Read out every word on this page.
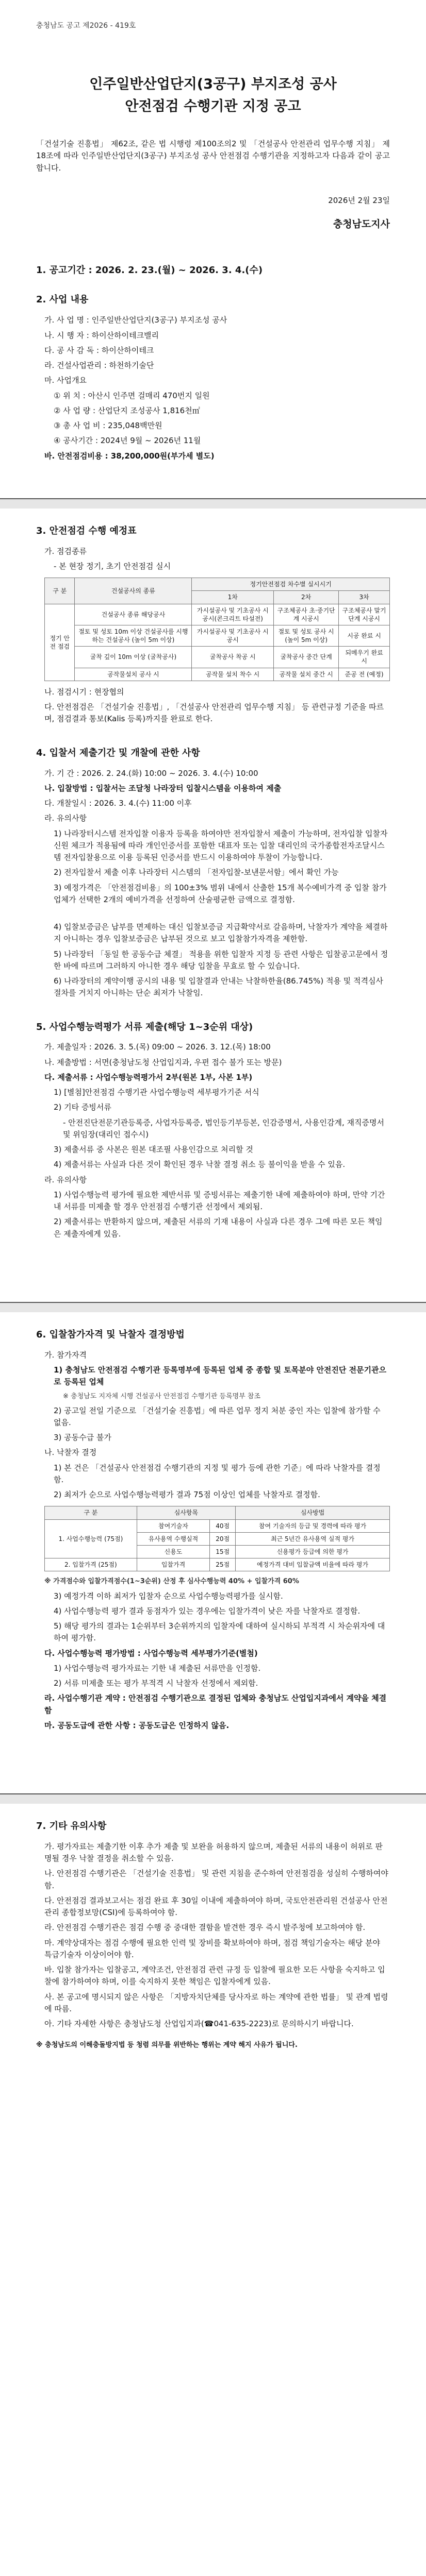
충청남도 공고 제2026 - 419호
인주일반산업단지(3공구) 부지조성 공사
안전점검 수행기관 지정 공고
「건설기술 진흥법」 제62조, 같은 법 시행령 제100조의2 및 「건설공사 안전관리 업무수행 지침」 제18조에 따라 인주일반산업단지(3공구) 부지조성 공사 안전점검 수행기관을 지정하고자 다음과 같이 공고합니다.
2026년 2월 23일
충청남도지사
1. 공고기간 : 2026. 2. 23.(월) ~ 2026. 3. 4.(수)
2. 사업 내용
가. 사 업 명 : 인주일반산업단지(3공구) 부지조성 공사
나. 시 행 자 : 하이산하이테크밸리
다. 공 사 감 독 : 하이산하이테크
라. 건설사업관리 : 하천하기술단
마. 사업개요
① 위 치 : 아산시 인주면 걸매리 470번지 일원
② 사 업 량 : 산업단지 조성공사 1,816천㎡
③ 총 사 업 비 : 235,048백만원
④ 공사기간 : 2024년 9월 ~ 2026년 11월
바. 안전점검비용 : 38,200,000원(부가세 별도)
3. 안전점검 수행 예정표
가. 점검종류
- 본 현장 정기, 초기 안전점검 실시
구 분	건설공사의 종류	정기안전점검 차수별 실시시기		
		1차	2차	3차
정기 안전 점검	건설공사 종류 해당공사	가시설공사 및 기초공사 시공시(콘크리트 타설전)	구조체공사 초·중기단계 시공시	구조체공사 말기단계 시공시
	절토 및 성토 10m 이상 건설공사를 시행하는 건설공사 (높이 5m 이상)	가시설공사 및 기초공사 시공시	절토 및 성토 공사 시 (높이 5m 이상)	시공 완료 시
	굴착 깊이 10m 이상 (굴착공사)	굴착공사 착공 시	굴착공사 중간 단계	되메우기 완료 시
	공작물설치 공사 시	공작물 설치 착수 시	공작물 설치 중간 시	준공 전 (예정)
나. 점검시기 : 현장협의
다. 안전점검은 「건설기술 진흥법」, 「건설공사 안전관리 업무수행 지침」 등 관련규정 기준을 따르며, 점검결과 통보(Kalis 등록)까지를 완료로 한다.
4. 입찰서 제출기간 및 개찰에 관한 사항
가. 기 간 : 2026. 2. 24.(화) 10:00 ~ 2026. 3. 4.(수) 10:00
나. 입찰방법 : 입찰서는 조달청 나라장터 입찰시스템을 이용하여 제출
다. 개찰일시 : 2026. 3. 4.(수) 11:00 이후
라. 유의사항
1) 나라장터시스템 전자입찰 이용자 등록을 하여야만 전자입찰서 제출이 가능하며, 전자입찰 입찰자 신원 체크가 적용됨에 따라 개인인증서를 포함한 대표자 또는 입찰 대리인의 국가종합전자조달시스템 전자입찰용으로 이용 등록된 인증서를 반드시 이용하여야 투찰이 가능합니다.
2) 전자입찰서 제출 이후 나라장터 시스템의 「전자입찰-보낸문서함」에서 확인 가능
3) 예정가격은 「안전점검비용」의 100±3% 범위 내에서 산출한 15개 복수예비가격 중 입찰 참가업체가 선택한 2개의 예비가격을 선정하여 산술평균한 금액으로 결정함.
4) 입찰보증금은 납부를 면제하는 대신 입찰보증금 지급확약서로 갈음하며, 낙찰자가 계약을 체결하지 아니하는 경우 입찰보증금은 납부된 것으로 보고 입찰참가자격을 제한함.
5) 나라장터 「동일 한 공동수급 체결」 적용을 위한 입찰자 지정 등 관련 사항은 입찰공고문에서 정한 바에 따르며 그러하지 아니한 경우 해당 입찰을 무효로 할 수 있습니다.
6) 나라장터의 계약이행 공시의 내용 및 입찰결과 안내는 낙찰하한율(86.745%) 적용 및 적격심사 절차를 거치지 아니하는 단순 최저가 낙찰임.
5. 사업수행능력평가 서류 제출(해당 1~3순위 대상)
가. 제출일자 : 2026. 3. 5.(목) 09:00 ~ 2026. 3. 12.(목) 18:00
나. 제출방법 : 서면(충청남도청 산업입지과, 우편 접수 불가 또는 방문)
다. 제출서류 : 사업수행능력평가서 2부(원본 1부, 사본 1부)
1) [별첨]안전점검 수행기관 사업수행능력 세부평가기준 서식
2) 기타 증빙서류
- 안전진단전문기관등록증, 사업자등록증, 법인등기부등본, 인감증명서, 사용인감계, 재직증명서 및 위임장(대리인 접수시)
3) 제출서류 중 사본은 원본 대조필 사용인감으로 처리할 것
4) 제출서류는 사실과 다른 것이 확인된 경우 낙찰 결정 취소 등 불이익을 받을 수 있음.
라. 유의사항
1) 사업수행능력 평가에 필요한 제반서류 및 증빙서류는 제출기한 내에 제출하여야 하며, 만약 기간 내 서류를 미제출 할 경우 안전점검 수행기관 선정에서 제외됨.
2) 제출서류는 반환하지 않으며, 제출된 서류의 기재 내용이 사실과 다른 경우 그에 따른 모든 책임은 제출자에게 있음.
6. 입찰참가자격 및 낙찰자 결정방법
가. 참가자격
1) 충청남도 안전점검 수행기관 등록명부에 등록된 업체 중 종합 및 토목분야 안전진단 전문기관으로 등록된 업체
※ 충청남도 지자체 시행 건설공사 안전점검 수행기관 등록명부 참조
2) 공고일 전일 기준으로 「건설기술 진흥법」에 따른 업무 정지 처분 중인 자는 입찰에 참가할 수 없음.
3) 공동수급 불가
나. 낙찰자 결정
1) 본 건은 「건설공사 안전점검 수행기관의 지정 및 평가 등에 관한 기준」에 따라 낙찰자를 결정함.
2) 최저가 순으로 사업수행능력평가 결과 75점 이상인 업체를 낙찰자로 결정함.
구 분	심사항목		심사방법
1. 사업수행능력 (75점)	참여기술자	40점	참여 기술자의 등급 및 경력에 따라 평가
	유사용역 수행실적	20점	최근 5년간 유사용역 실적 평가
	신용도	15점	신용평가 등급에 의한 평가
2. 입찰가격 (25점)	입찰가격	25점	예정가격 대비 입찰금액 비율에 따라 평가
※ 가격점수와 입찰가격점수(1~3순위) 산정 후 심사수행능력 40% + 입찰가격 60%
3) 예정가격 이하 최저가 입찰자 순으로 사업수행능력평가를 실시함.
4) 사업수행능력 평가 결과 동점자가 있는 경우에는 입찰가격이 낮은 자를 낙찰자로 결정함.
5) 해당 평가의 결과는 1순위부터 3순위까지의 입찰자에 대하여 실시하되 부적격 시 차순위자에 대하여 평가함.
다. 사업수행능력 평가방법 : 사업수행능력 세부평가기준(별첨)
1) 사업수행능력 평가자료는 기한 내 제출된 서류만을 인정함.
2) 서류 미제출 또는 평가 부적격 시 낙찰자 선정에서 제외함.
라. 사업수행기관 계약 : 안전점검 수행기관으로 결정된 업체와 충청남도 산업입지과에서 계약을 체결함
마. 공동도급에 관한 사항 : 공동도급은 인정하지 않음.
7. 기타 유의사항
가. 평가자료는 제출기한 이후 추가 제출 및 보완을 허용하지 않으며, 제출된 서류의 내용이 허위로 판명될 경우 낙찰 결정을 취소할 수 있음.
나. 안전점검 수행기관은 「건설기술 진흥법」 및 관련 지침을 준수하여 안전점검을 성실히 수행하여야 함.
다. 안전점검 결과보고서는 점검 완료 후 30일 이내에 제출하여야 하며, 국토안전관리원 건설공사 안전관리 종합정보망(CSI)에 등록하여야 함.
라. 안전점검 수행기관은 점검 수행 중 중대한 결함을 발견한 경우 즉시 발주청에 보고하여야 함.
마. 계약상대자는 점검 수행에 필요한 인력 및 장비를 확보하여야 하며, 점검 책임기술자는 해당 분야 특급기술자 이상이어야 함.
바. 입찰 참가자는 입찰공고, 계약조건, 안전점검 관련 규정 등 입찰에 필요한 모든 사항을 숙지하고 입찰에 참가하여야 하며, 이를 숙지하지 못한 책임은 입찰자에게 있음.
사. 본 공고에 명시되지 않은 사항은 「지방자치단체를 당사자로 하는 계약에 관한 법률」 및 관계 법령에 따름.
아. 기타 자세한 사항은 충청남도청 산업입지과(☎041-635-2223)로 문의하시기 바랍니다.
※ 충청남도의 이해충돌방지법 등 청렴 의무를 위반하는 행위는 계약 해지 사유가 됩니다.
